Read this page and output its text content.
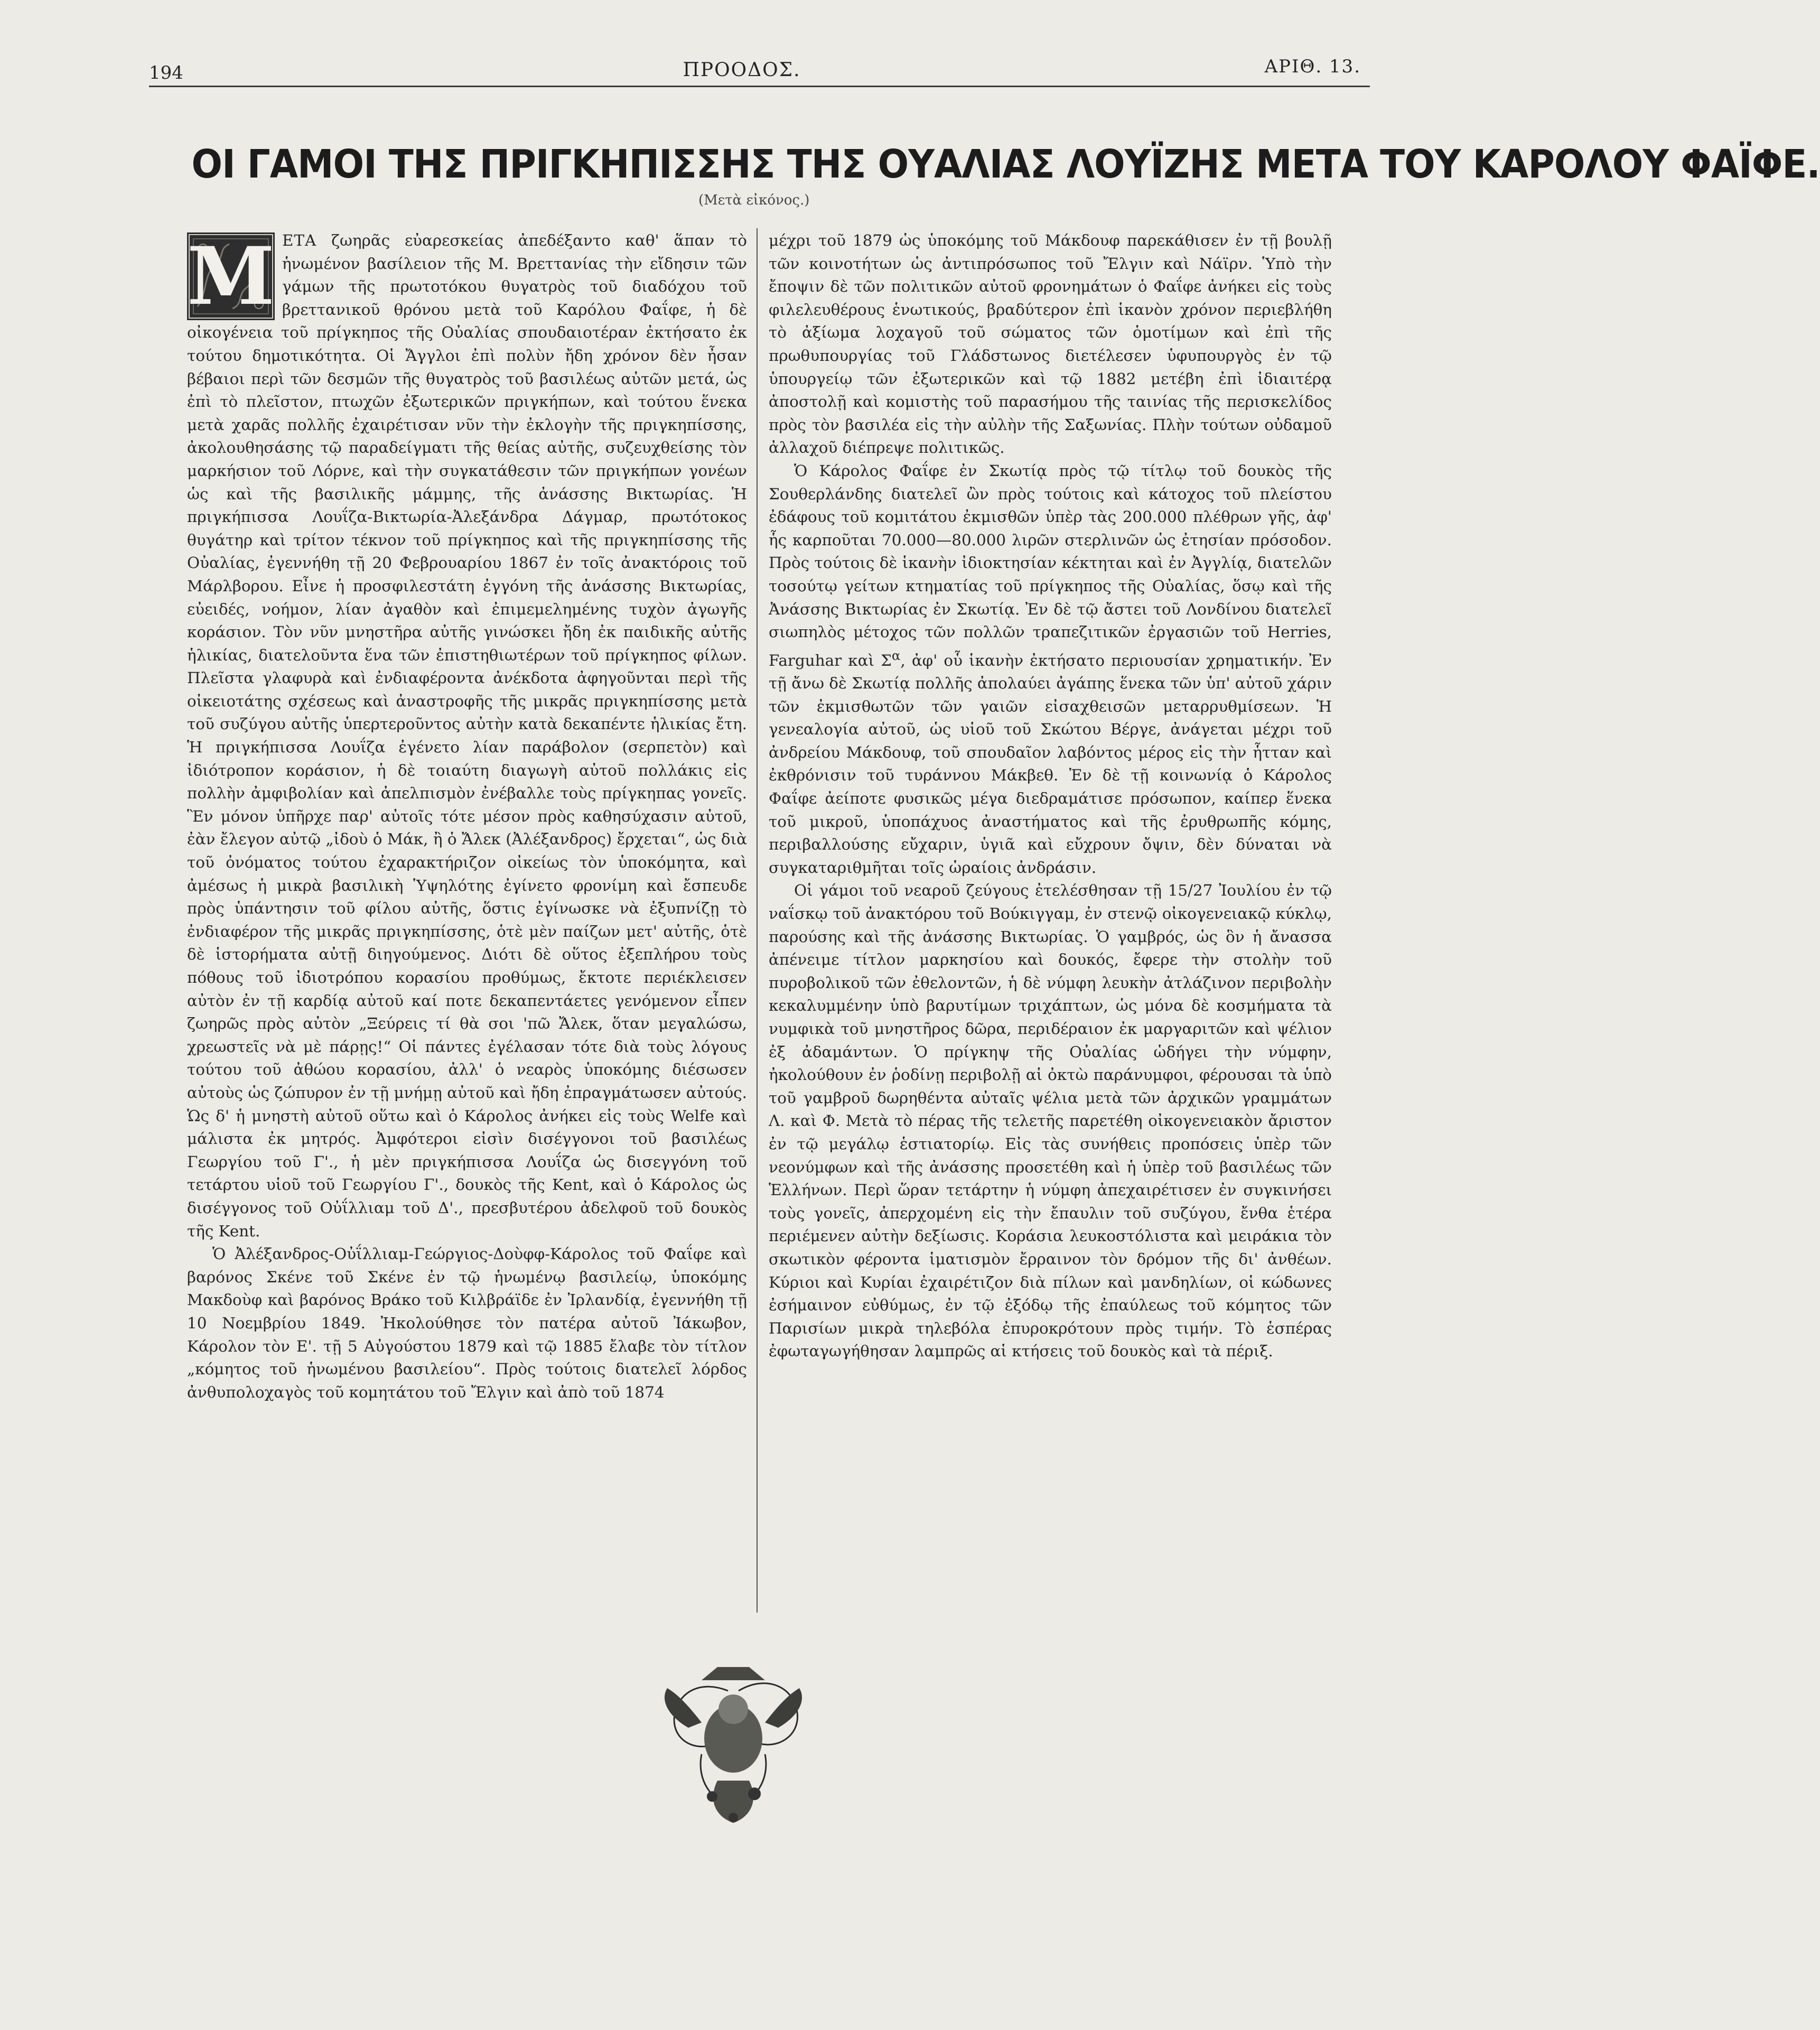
194	ΠΡΟΟΔΟΣ.	ΑΡΙΘ. 13.
ΟΙ ΓΑΜΟΙ ΤΗΣ ΠΡΙΓΚΗΠΙΣΣΗΣ ΤΗΣ ΟΥΑΛΙΑΣ ΛΟΥΪΖΗΣ ΜΕΤΑ ΤΟΥ ΚΑΡΟΛΟΥ ΦΑΪΦΕ.
(Μετὰ εἰκόνος.)

M ΕΤΑ ζωηρᾶς εὐαρεσκείας ἀπεδέξαντο καθ' ἅπαν τὸ ἡνωμένον βασίλειον τῆς Μ. Βρεττανίας τὴν εἴδησιν τῶν γάμων τῆς πρωτοτόκου θυγατρὸς τοῦ διαδόχου τοῦ βρεττανικοῦ θρόνου μετὰ τοῦ Καρόλου Φαΐφε, ἡ δὲ οἰκογένεια τοῦ πρίγκηπος τῆς Οὐαλίας σπουδαιοτέραν ἐκτήσατο ἐκ τούτου δημοτικότητα. Οἱ Ἄγγλοι ἐπὶ πολὺν ἤδη χρόνον δὲν ἦσαν βέβαιοι περὶ τῶν δεσμῶν τῆς θυγατρὸς τοῦ βασιλέως αὐτῶν μετά, ὡς ἐπὶ τὸ πλεῖστον, πτωχῶν ἐξωτερικῶν πριγκήπων, καὶ τούτου ἕνεκα μετὰ χαρᾶς πολλῆς ἐχαιρέτισαν νῦν τὴν ἐκλογὴν τῆς πριγκηπίσσης, ἀκολουθησάσης τῷ παραδείγματι τῆς θείας αὐτῆς, συζευχθείσης τὸν μαρκήσιον τοῦ Λόρνε, καὶ τὴν συγκατάθεσιν τῶν πριγκήπων γονέων ὡς καὶ τῆς βασιλικῆς μάμμης, τῆς ἀνάσσης Βικτωρίας. Ἡ πριγκήπισσα Λουΐζα-Βικτωρία-Ἀλεξάνδρα Δάγμαρ, πρωτότοκος θυγάτηρ καὶ τρίτον τέκνον τοῦ πρίγκηπος καὶ τῆς πριγκηπίσσης τῆς Οὐαλίας, ἐγεννήθη τῇ 20 Φεβρουαρίου 1867 ἐν τοῖς ἀνακτόροις τοῦ Μάρλβορου. Εἶνε ἡ προσφιλεστάτη ἐγγόνη τῆς ἀνάσσης Βικτωρίας, εὐειδές, νοήμον, λίαν ἀγαθὸν καὶ ἐπιμεμελημένης τυχὸν ἀγωγῆς κοράσιον. Τὸν νῦν μνηστῆρα αὐτῆς γινώσκει ἤδη ἐκ παιδικῆς αὐτῆς ἡλικίας, διατελοῦντα ἕνα τῶν ἐπιστηθιωτέρων τοῦ πρίγκηπος φίλων. Πλεῖστα γλαφυρὰ καὶ ἐνδιαφέροντα ἀνέκδοτα ἀφηγοῦνται περὶ τῆς οἰκειοτάτης σχέσεως καὶ ἀναστροφῆς τῆς μικρᾶς πριγκηπίσσης μετὰ τοῦ συζύγου αὐτῆς ὑπερτεροῦντος αὐτὴν κατὰ δεκαπέντε ἡλικίας ἔτη. Ἡ πριγκήπισσα Λουΐζα ἐγένετο λίαν παράβολον (σερπετὸν) καὶ ἰδιότροπον κοράσιον, ἡ δὲ τοιαύτη διαγωγὴ αὐτοῦ πολλάκις εἰς πολλὴν ἀμφιβολίαν καὶ ἀπελπισμὸν ἐνέβαλλε τοὺς πρίγκηπας γονεῖς. Ἓν μόνον ὑπῆρχε παρ' αὐτοῖς τότε μέσον πρὸς καθησύχασιν αὐτοῦ, ἐὰν ἔλεγον αὐτῷ „ἰδοὺ ὁ Μάκ, ἢ ὁ Ἄλεκ (Ἀλέξανδρος) ἔρχεται“, ὡς διὰ τοῦ ὀνόματος τούτου ἐχαρακτήριζον οἰκείως τὸν ὑποκόμητα, καὶ ἀμέσως ἡ μικρὰ βασιλικὴ Ὑψηλότης ἐγίνετο φρονίμη καὶ ἔσπευδε πρὸς ὑπάντησιν τοῦ φίλου αὐτῆς, ὅστις ἐγίνωσκε νὰ ἐξυπνίζῃ τὸ ἐνδιαφέρον τῆς μικρᾶς πριγκηπίσσης, ὁτὲ μὲν παίζων μετ' αὐτῆς, ὁτὲ δὲ ἱστορήματα αὐτῇ διηγούμενος. Διότι δὲ οὕτος ἐξεπλήρου τοὺς πόθους τοῦ ἰδιοτρόπου κορασίου προθύμως, ἔκτοτε περιέκλεισεν αὐτὸν ἐν τῇ καρδίᾳ αὐτοῦ καί ποτε δεκαπεντάετες γενόμενον εἶπεν ζωηρῶς πρὸς αὐτὸν „Ξεύρεις τί θὰ σοι 'πῶ Ἄλεκ, ὅταν μεγαλώσω, χρεωστεῖς νὰ μὲ πάρῃς!“ Οἱ πάντες ἐγέλασαν τότε διὰ τοὺς λόγους τούτου τοῦ ἀθώου κορασίου, ἀλλ' ὁ νεαρὸς ὑποκόμης διέσωσεν αὐτοὺς ὡς ζώπυρον ἐν τῇ μνήμῃ αὐτοῦ καὶ ἤδη ἐπραγμάτωσεν αὐτούς. Ὡς δ' ἡ μνηστὴ αὐτοῦ οὕτω καὶ ὁ Κάρολος ἀνήκει εἰς τοὺς Welfe καὶ μάλιστα ἐκ μητρός. Ἀμφότεροι εἰσὶν δισέγγονοι τοῦ βασιλέως Γεωργίου τοῦ Γ'., ἡ μὲν πριγκήπισσα Λουΐζα ὡς δισεγγόνη τοῦ τετάρτου υἱοῦ τοῦ Γεωργίου Γ'., δουκὸς τῆς Kent, καὶ ὁ Κάρολος ὡς δισέγγονος τοῦ Οὐΐλλιαμ τοῦ Δ'., πρεσβυτέρου ἀδελφοῦ τοῦ δουκὸς τῆς Kent.

Ὁ Ἀλέξανδρος-Οὐΐλλιαμ-Γεώργιος-Δοὺφφ-Κάρολος τοῦ Φαΐφε καὶ βαρόνος Σκένε τοῦ Σκένε ἐν τῷ ἡνωμένῳ βασιλείῳ, ὑποκόμης Μακδοὺφ καὶ βαρόνος Βράκο τοῦ Κιλβράϊδε ἐν Ἰρλανδίᾳ, ἐγεννήθη τῇ 10 Νοεμβρίου 1849. Ἠκολούθησε τὸν πατέρα αὐτοῦ Ἰάκωβον, Κάρολον τὸν Ε'. τῇ 5 Αὐγούστου 1879 καὶ τῷ 1885 ἔλαβε τὸν τίτλον „κόμητος τοῦ ἡνωμένου βασιλείου“. Πρὸς τούτοις διατελεῖ λόρδος ἀνθυπολοχαγὸς τοῦ κομητάτου τοῦ Ἔλγιν καὶ ἀπὸ τοῦ 1874

μέχρι τοῦ 1879 ὡς ὑποκόμης τοῦ Μάκδουφ παρεκάθισεν ἐν τῇ βουλῇ τῶν κοινοτήτων ὡς ἀντιπρόσωπος τοῦ Ἔλγιν καὶ Νάϊρν. Ὑπὸ τὴν ἔποψιν δὲ τῶν πολιτικῶν αὐτοῦ φρονημάτων ὁ Φαΐφε ἀνήκει εἰς τοὺς φιλελευθέρους ἑνωτικούς, βραδύτερον ἐπὶ ἱκανὸν χρόνον περιεβλήθη τὸ ἀξίωμα λοχαγοῦ τοῦ σώματος τῶν ὁμοτίμων καὶ ἐπὶ τῆς πρωθυπουργίας τοῦ Γλάδστωνος διετέλεσεν ὑφυπουργὸς ἐν τῷ ὑπουργείῳ τῶν ἐξωτερικῶν καὶ τῷ 1882 μετέβη ἐπὶ ἰδιαιτέρᾳ ἀποστολῇ καὶ κομιστὴς τοῦ παρασήμου τῆς ταινίας τῆς περισκελίδος πρὸς τὸν βασιλέα εἰς τὴν αὐλὴν τῆς Σαξωνίας. Πλὴν τούτων οὐδαμοῦ ἀλλαχοῦ διέπρεψε πολιτικῶς.

Ὁ Κάρολος Φαΐφε ἐν Σκωτίᾳ πρὸς τῷ τίτλῳ τοῦ δουκὸς τῆς Σουθερλάνδης διατελεῖ ὢν πρὸς τούτοις καὶ κάτοχος τοῦ πλείστου ἐδάφους τοῦ κομιτάτου ἐκμισθῶν ὑπὲρ τὰς 200.000 πλέθρων γῆς, ἀφ' ἧς καρποῦται 70.000—80.000 λιρῶν στερλινῶν ὡς ἐτησίαν πρόσοδον. Πρὸς τούτοις δὲ ἱκανὴν ἰδιοκτησίαν κέκτηται καὶ ἐν Ἀγγλίᾳ, διατελῶν τοσούτῳ γείτων κτηματίας τοῦ πρίγκηπος τῆς Οὐαλίας, ὅσῳ καὶ τῆς Ἀνάσσης Βικτωρίας ἐν Σκωτίᾳ. Ἐν δὲ τῷ ἄστει τοῦ Λονδίνου διατελεῖ σιωπηλὸς μέτοχος τῶν πολλῶν τραπεζιτικῶν ἐργασιῶν τοῦ Herries, Farguhar καὶ $\Sigma^\alpha$, ἀφ' οὗ ἱκανὴν ἐκτήσατο περιουσίαν χρηματικήν. Ἐν τῇ ἄνω δὲ Σκωτίᾳ πολλῆς ἀπολαύει ἀγάπης ἕνεκα τῶν ὑπ' αὐτοῦ χάριν τῶν ἐκμισθωτῶν τῶν γαιῶν εἰσαχθεισῶν μεταρρυθμίσεων. Ἡ γενεαλογία αὐτοῦ, ὡς υἱοῦ τοῦ Σκώτου Βέργε, ἀνάγεται μέχρι τοῦ ἀνδρείου Μάκδουφ, τοῦ σπουδαῖον λαβόντος μέρος εἰς τὴν ἧτταν καὶ ἐκθρόνισιν τοῦ τυράννου Μάκβεθ. Ἐν δὲ τῇ κοινωνίᾳ ὁ Κάρολος Φαΐφε ἀείποτε φυσικῶς μέγα διεδραμάτισε πρόσωπον, καίπερ ἕνεκα τοῦ μικροῦ, ὑποπάχυος ἀναστήματος καὶ τῆς ἐρυθρωπῆς κόμης, περιβαλλούσης εὔχαριν, ὑγιᾶ καὶ εὔχρουν ὄψιν, δὲν δύναται νὰ συγκαταριθμῆται τοῖς ὡραίοις ἀνδράσιν.

Οἱ γάμοι τοῦ νεαροῦ ζεύγους ἐτελέσθησαν τῇ 15/27 Ἰουλίου ἐν τῷ ναΐσκῳ τοῦ ἀνακτόρου τοῦ Βούκιγγαμ, ἐν στενῷ οἰκογενειακῷ κύκλῳ, παρούσης καὶ τῆς ἀνάσσης Βικτωρίας. Ὁ γαμβρός, ὡς ὃν ἡ ἄνασσα ἀπένειμε τίτλον μαρκησίου καὶ δουκός, ἔφερε τὴν στολὴν τοῦ πυροβολικοῦ τῶν ἐθελοντῶν, ἡ δὲ νύμφη λευκὴν ἀτλάζινον περιβολὴν κεκαλυμμένην ὑπὸ βαρυτίμων τριχάπτων, ὡς μόνα δὲ κοσμήματα τὰ νυμφικὰ τοῦ μνηστῆρος δῶρα, περιδέραιον ἐκ μαργαριτῶν καὶ ψέλιον ἐξ ἀδαμάντων. Ὁ πρίγκηψ τῆς Οὐαλίας ὡδήγει τὴν νύμφην, ἠκολούθουν ἐν ῥοδίνῃ περιβολῇ αἱ ὀκτὼ παράνυμφοι, φέρουσαι τὰ ὑπὸ τοῦ γαμβροῦ δωρηθέντα αὐταῖς ψέλια μετὰ τῶν ἀρχικῶν γραμμάτων Λ. καὶ Φ. Μετὰ τὸ πέρας τῆς τελετῆς παρετέθη οἰκογενειακὸν ἄριστον ἐν τῷ μεγάλῳ ἑστιατορίῳ. Εἰς τὰς συνήθεις προπόσεις ὑπὲρ τῶν νεονύμφων καὶ τῆς ἀνάσσης προσετέθη καὶ ἡ ὑπὲρ τοῦ βασιλέως τῶν Ἑλλήνων. Περὶ ὥραν τετάρτην ἡ νύμφη ἀπεχαιρέτισεν ἐν συγκινήσει τοὺς γονεῖς, ἀπερχομένη εἰς τὴν ἔπαυλιν τοῦ συζύγου, ἔνθα ἑτέρα περιέμενεν αὐτὴν δεξίωσις. Κοράσια λευκοστόλιστα καὶ μειράκια τὸν σκωτικὸν φέροντα ἱματισμὸν ἔρραινον τὸν δρόμον τῆς δι' ἀνθέων. Κύριοι καὶ Κυρίαι ἐχαιρέτιζον διὰ πίλων καὶ μανδηλίων, οἱ κώδωνες ἐσήμαινον εὐθύμως, ἐν τῷ ἐξόδῳ τῆς ἐπαύλεως τοῦ κόμητος τῶν Παρισίων μικρὰ τηλεβόλα ἐπυροκρότουν πρὸς τιμήν. Τὸ ἑσπέρας ἐφωταγωγήθησαν λαμπρῶς αἱ κτήσεις τοῦ δουκὸς καὶ τὰ πέριξ.
